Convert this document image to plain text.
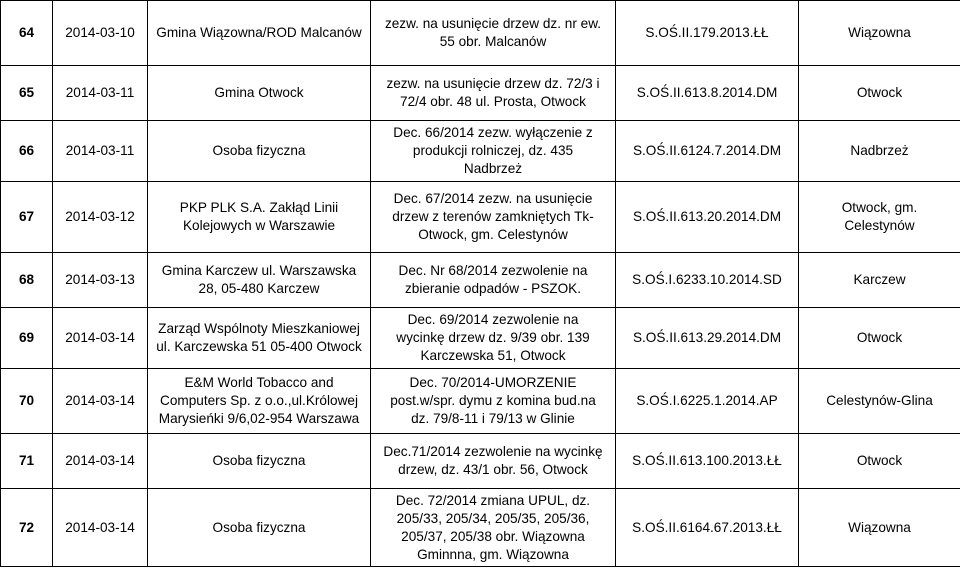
64	2014-03-10	Gmina Wiązowna/ROD Malcanów	zezw. na usunięcie drzew dz. nr ew.
55 obr. Malcanów	S.OŚ.II.179.2013.ŁŁ	Wiązowna

65	2014-03-11	Gmina Otwock	zezw. na usunięcie drzew dz. 72/3 i
72/4 obr. 48 ul. Prosta, Otwock	S.OŚ.II.613.8.2014.DM	Otwock

66	2014-03-11	Osoba fizyczna	Dec. 66/2014 zezw. wyłączenie z
produkcji rolniczej, dz. 435
Nadbrzeż	S.OŚ.II.6124.7.2014.DM	Nadbrzeż

67	2014-03-12	PKP PLK S.A. Zakłąd Linii
Kolejowych w Warszawie	Dec. 67/2014 zezw. na usunięcie
drzew z terenów zamkniętych Tk-
Otwock, gm. Celestynów	S.OŚ.II.613.20.2014.DM	Otwock, gm.
Celestynów

68	2014-03-13	Gmina Karczew ul. Warszawska
28, 05-480 Karczew	Dec. Nr 68/2014 zezwolenie na
zbieranie odpadów - PSZOK.	S.OŚ.I.6233.10.2014.SD	Karczew

69	2014-03-14	Zarząd Wspólnoty Mieszkaniowej
ul. Karczewska 51 05-400 Otwock	Dec. 69/2014 zezwolenie na
wycinkę drzew dz. 9/39 obr. 139
Karczewska 51, Otwock	S.OŚ.II.613.29.2014.DM	Otwock

70	2014-03-14	E&M World Tobacco and
Computers Sp. z o.o.,ul.Królowej
Marysieńki 9/6,02-954 Warszawa	Dec. 70/2014-UMORZENIE
post.w/spr. dymu z komina bud.na
dz. 79/8-11 i 79/13 w Glinie	S.OŚ.I.6225.1.2014.AP	Celestynów-Glina

71	2014-03-14	Osoba fizyczna	Dec.71/2014 zezwolenie na wycinkę
drzew, dz. 43/1 obr. 56, Otwock	S.OŚ.II.613.100.2013.ŁŁ	Otwock

72	2014-03-14	Osoba fizyczna	Dec. 72/2014 zmiana UPUL, dz.
205/33, 205/34, 205/35, 205/36,
205/37, 205/38 obr. Wiązowna
Gminnna, gm. Wiązowna	S.OŚ.II.6164.67.2013.ŁŁ	Wiązowna
